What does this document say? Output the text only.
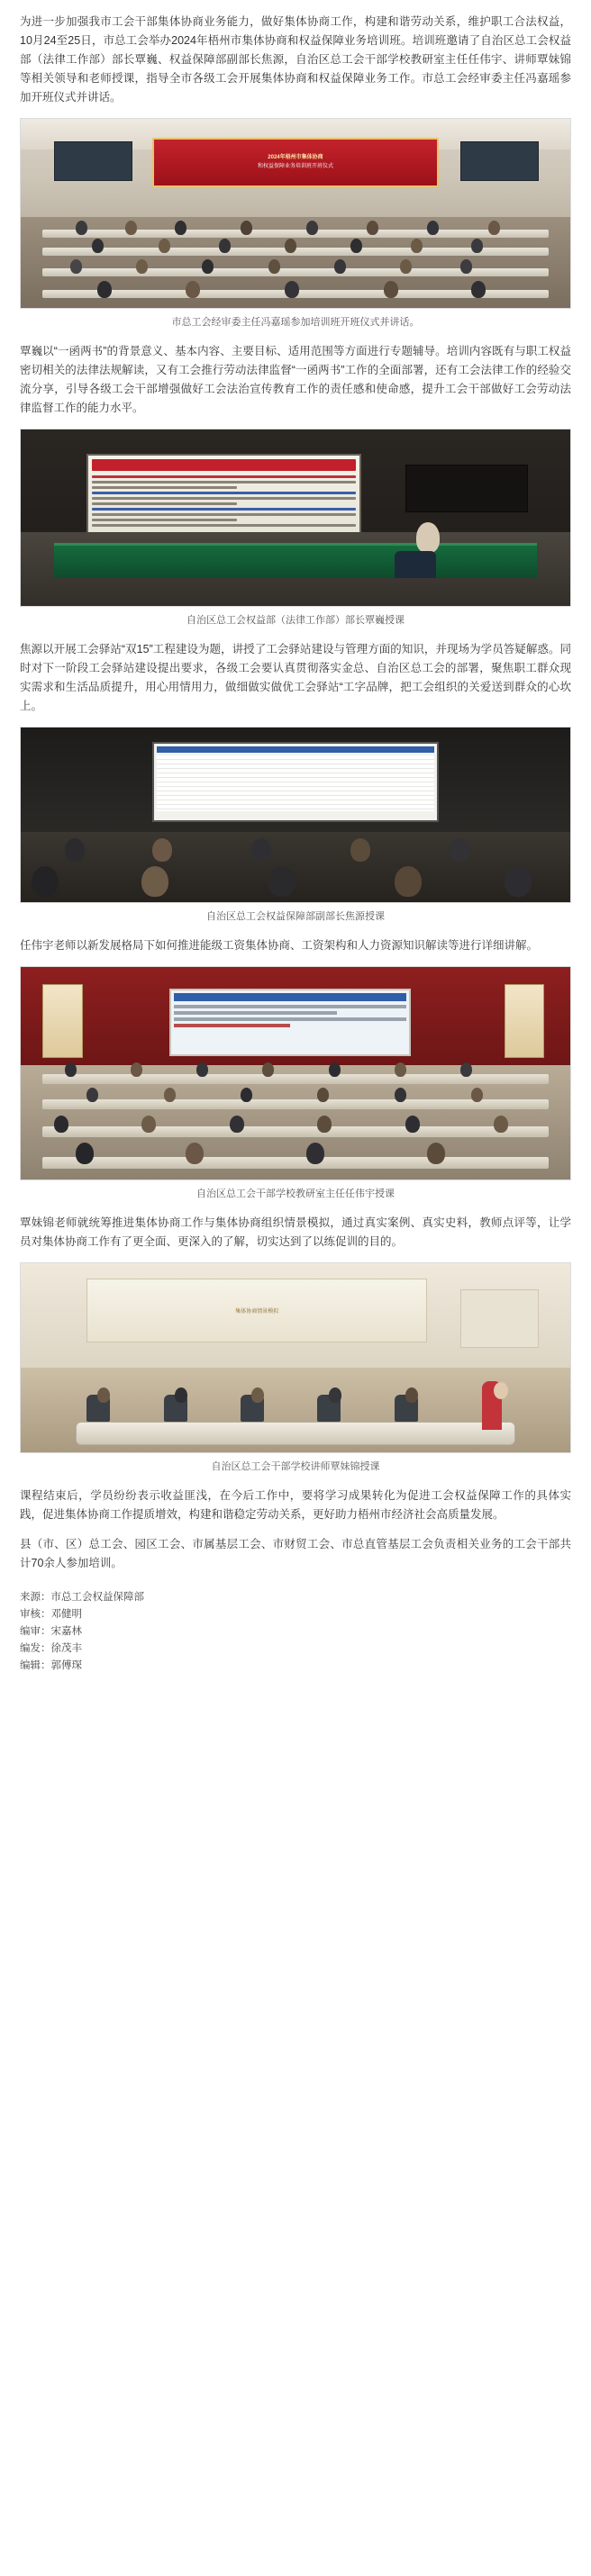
为进一步加强我市工会干部集体协商业务能力，做好集体协商工作，构建和谐劳动关系，维护职工合法权益，10月24至25日，市总工会举办2024年梧州市集体协商和权益保障业务培训班。培训班邀请了自治区总工会权益部（法律工作部）部长覃巍、权益保障部副部长焦源，自治区总工会干部学校教研室主任任伟宇、讲师覃妹锦等相关领导和老师授课，指导全市各级工会开展集体协商和权益保障业务工作。市总工会经审委主任冯嘉瑶参加开班仪式并讲话。

2024年梧州市集体协商
和权益保障业务培训班开班仪式
市总工会经审委主任冯嘉瑶参加培训班开班仪式并讲话。

覃巍以“一函两书”的背景意义、基本内容、主要目标、适用范围等方面进行专题辅导。培训内容既有与职工权益密切相关的法律法规解读，又有工会推行劳动法律监督“一函两书”工作的全面部署，还有工会法律工作的经验交流分享，引导各级工会干部增强做好工会法治宣传教育工作的责任感和使命感，提升工会干部做好工会劳动法律监督工作的能力水平。

自治区总工会权益部（法律工作部）部长覃巍授课

焦源以开展工会驿站“双15”工程建设为题，讲授了工会驿站建设与管理方面的知识，并现场为学员答疑解惑。同时对下一阶段工会驿站建设提出要求，各级工会要认真贯彻落实金总、自治区总工会的部署，聚焦职工群众现实需求和生活品质提升，用心用情用力，做细做实做优工会驿站“工字品牌，把工会组织的关爱送到群众的心坎上。

自治区总工会权益保障部副部长焦源授课

任伟宇老师以新发展格局下如何推进能级工资集体协商、工资架构和人力资源知识解读等进行详细讲解。

自治区总工会干部学校教研室主任任伟宇授课

覃妹锦老师就统筹推进集体协商工作与集体协商组织情景模拟，通过真实案例、真实史料，教师点评等，让学员对集体协商工作有了更全面、更深入的了解，切实达到了以练促训的目的。

集体协商情景模拟
自治区总工会干部学校讲师覃妹锦授课

课程结束后，学员纷纷表示收益匪浅，在今后工作中，要将学习成果转化为促进工会权益保障工作的具体实践，促进集体协商工作提质增效，构建和谐稳定劳动关系，更好助力梧州市经济社会高质量发展。

县（市、区）总工会、园区工会、市属基层工会、市财贸工会、市总直管基层工会负责相关业务的工会干部共计70余人参加培训。

来源：市总工会权益保障部
审核：邓健明
编审：宋嘉林
编发：徐茂丰
编辑：郭傅琛
